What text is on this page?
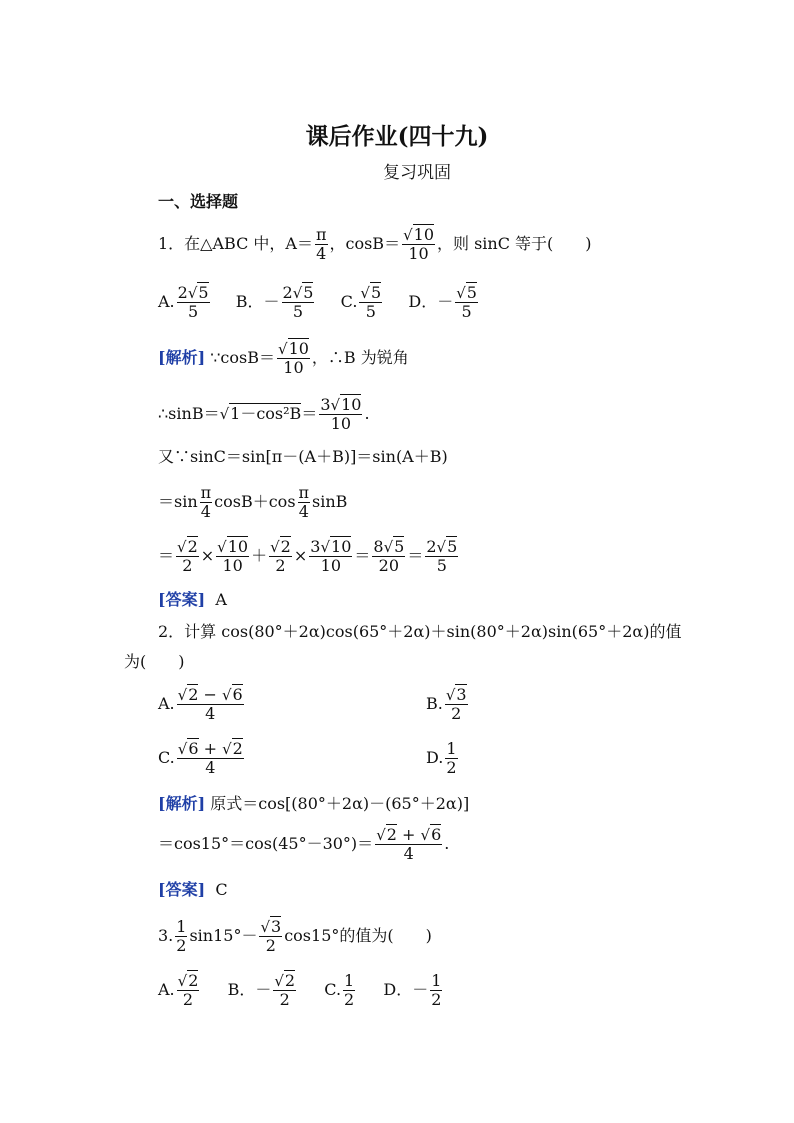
课后作业(四十九)
复习巩固
一、选择题
1．在△ABC 中，$A= \frac{\pi}{4}$ ，$\cos B= \frac{√10}{10}$ ，则 sinC 等于(　　)
A. $\frac{2√5}{5}$ B．－ $\frac{2√5}{5} C$. $\frac{√5}{5}$ D．－ $\frac{√5}{5}$
[解析] ∵cosB＝ $\frac{√10}{10}$ ，∴B 为锐角
∴sinB＝√1－cos²B＝ $\frac{3√10}{10}$ .
又∵sinC＝sin[π－(A＋B)]＝sin(A＋B)
$=\sin \frac{\pi}{4} \cos B+\cos \frac{\pi}{4}$ sinB
＝ $\frac{√2}{2} \times \frac{√10}{10} + \frac{√2}{2} \times \frac{3√10}{10} = \frac{8√5}{20} = \frac{2√5}{5}$
[答案] A
2．计算 cos(80°＋2α)cos(65°＋2α)＋sin(80°＋2α)sin(65°＋2α)的值
为(　　)
A. $\frac{√2 - √6}{4}$	B. $\frac{√3}{2}$
C. $\frac{√6 + √2}{4}$	D. $\frac{1}{2}$
[解析] 原式＝cos[(80°＋2α)－(65°＋2α)]
$=\cos 15^\circ=\cos(45^\circ-30^\circ)= \frac{√2 + √6}{4}$ .
[答案] C
3. $\frac{1}{2} \sin 15^\circ- \frac{√3}{2} \cos 15^\circ$的值为(　　)
A. $\frac{√2}{2}$ B．－ $\frac{√2}{2} C$. $\frac{1}{2}$ D．－ $\frac{1}{2}$
